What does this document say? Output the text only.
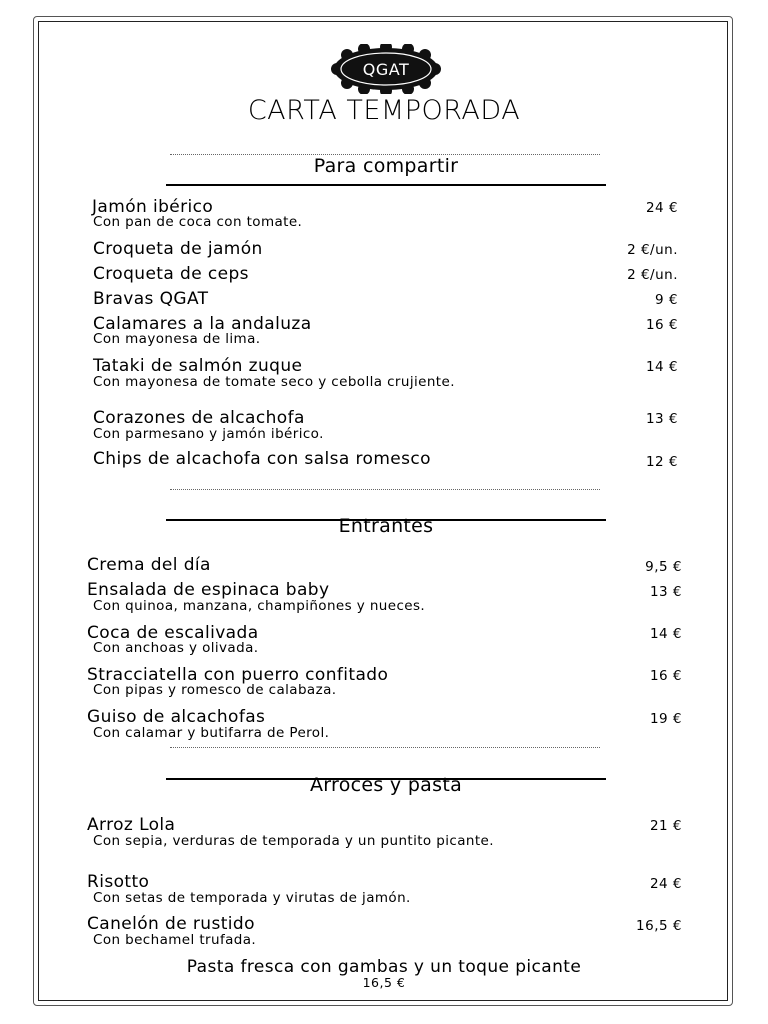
QGAT
CARTA TEMPORADA
Para compartir
Jamón ibérico	24 €
Con pan de coca con tomate.
Croqueta de jamón	2 €/un.
Croqueta de ceps	2 €/un.
Bravas QGAT	9 €
Calamares a la andaluza	16 €
Con mayonesa de lima.
Tataki de salmón zuque	14 €
Con mayonesa de tomate seco y cebolla crujiente.
Corazones de alcachofa	13 €
Con parmesano y jamón ibérico.
Chips de alcachofa con salsa romesco	12 €
Entrantes
Crema del día	9,5 €
Ensalada de espinaca baby	13 €
Con quinoa, manzana, champiñones y nueces.
Coca de escalivada	14 €
Con anchoas y olivada.
Stracciatella con puerro confitado	16 €
Con pipas y romesco de calabaza.
Guiso de alcachofas	19 €
Con calamar y butifarra de Perol.
Arroces y pasta
Arroz Lola	21 €
Con sepia, verduras de temporada y un puntito picante.
Risotto	24 €
Con setas de temporada y virutas de jamón.
Canelón de rustido	16,5 €
Con bechamel trufada.
Pasta fresca con gambas y un toque picante
16,5 €
